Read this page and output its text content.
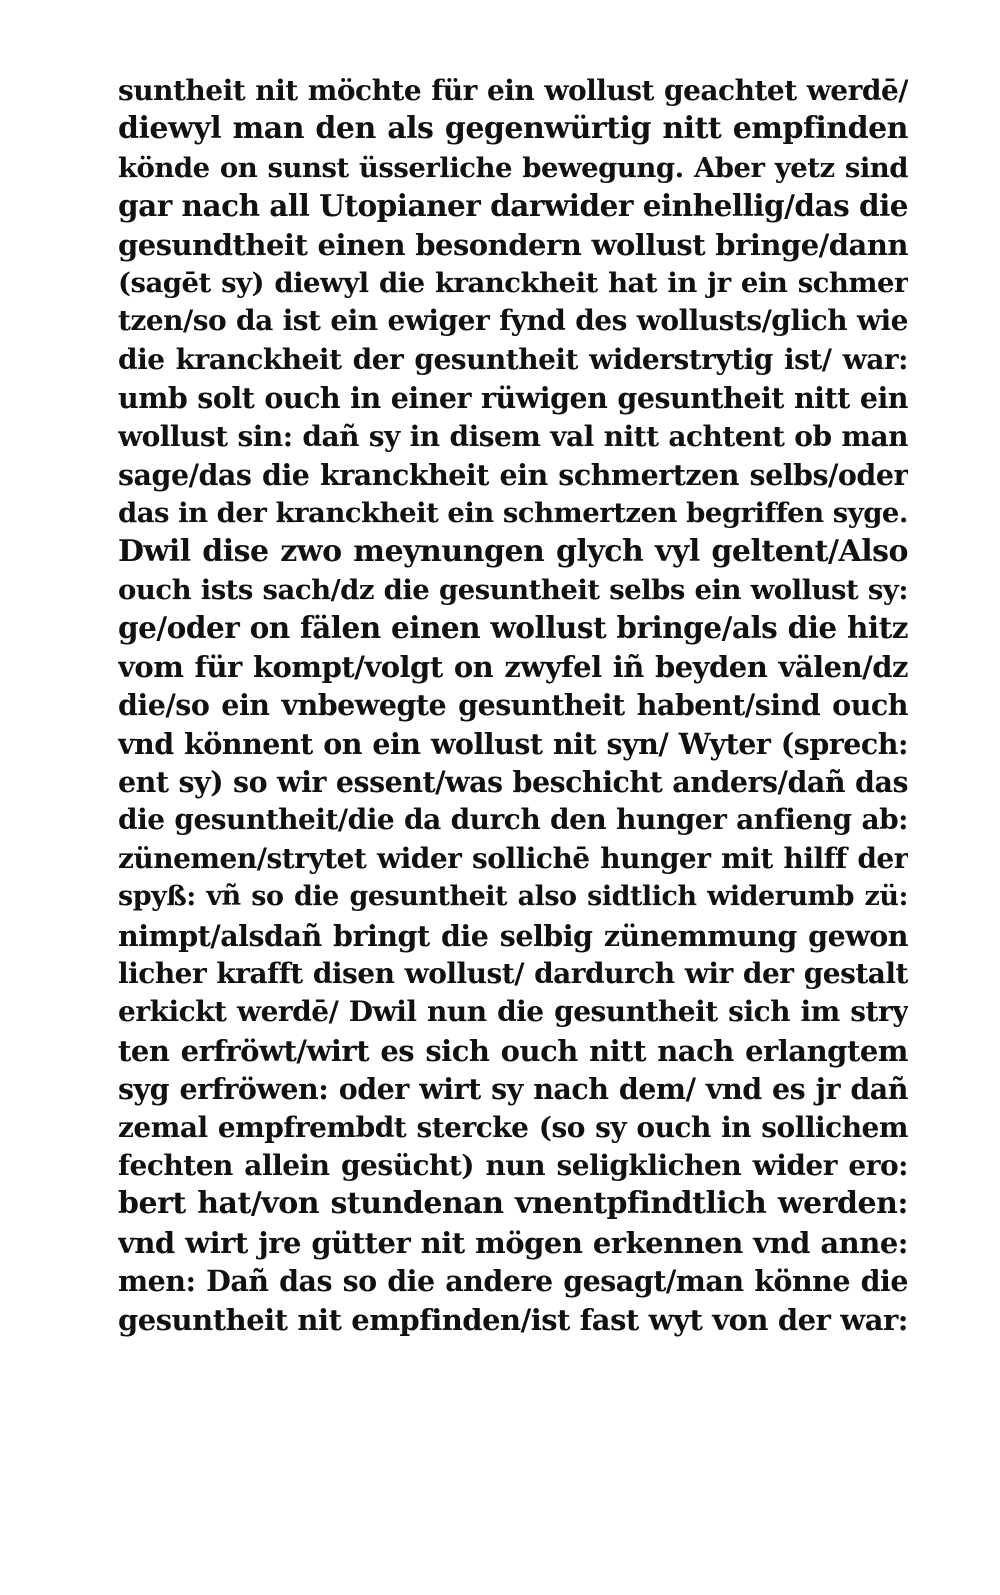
suntheit nit möchte für ein wollust geachtet werdē/
diewyl man den als gegenwürtig nitt empfinden
könde on sunst üsserliche bewegung. Aber yetz sind
gar nach all Utopianer darwider einhellig/das die
gesundtheit einen besondern wollust bringe/dann
(sagēt sy) diewyl die kranckheit hat in jr ein schmer
tzen/so da ist ein ewiger fynd des wollusts/glich wie
die kranckheit der gesuntheit widerstrytig ist/ war:
umb solt ouch in einer rüwigen gesuntheit nitt ein
wollust sin: dañ sy in disem val nitt achtent ob man
sage/das die kranckheit ein schmertzen selbs/oder
das in der kranckheit ein schmertzen begriffen syge.
Dwil dise zwo meynungen glych vyl geltent/Also
ouch ists sach/dz die gesuntheit selbs ein wollust sy:
ge/oder on fälen einen wollust bringe/als die hitz
vom für kompt/volgt on zwyfel iñ beyden välen/dz
die/so ein vnbewegte gesuntheit habent/sind ouch
vnd könnent on ein wollust nit syn/ Wyter (sprech:
ent sy) so wir essent/was beschicht anders/dañ das
die gesuntheit/die da durch den hunger anfieng ab:
zünemen/strytet wider sollichē hunger mit hilff der
spyß: vñ so die gesuntheit also sidtlich widerumb zü:
nimpt/alsdañ bringt die selbig zünemmung gewon
licher krafft disen wollust/ dardurch wir der gestalt
erkickt werdē/ Dwil nun die gesuntheit sich im stry
ten erfröwt/wirt es sich ouch nitt nach erlangtem
syg erfröwen: oder wirt sy nach dem/ vnd es jr dañ
zemal empfrembdt stercke (so sy ouch in sollichem
fechten allein gesücht) nun seligklichen wider ero:
bert hat/von stundenan vnentpfindtlich werden:
vnd wirt jre gütter nit mögen erkennen vnd anne:
men: Dañ das so die andere gesagt/man könne die
gesuntheit nit empfinden/ist fast wyt von der war:
